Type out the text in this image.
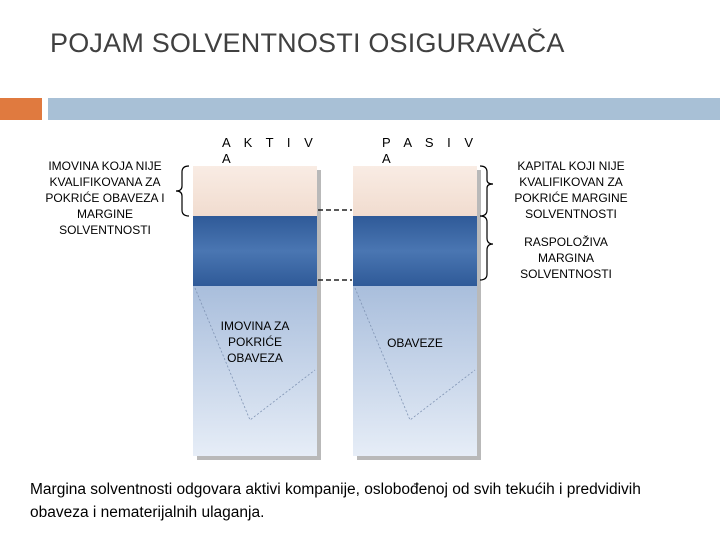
POJAM SOLVENTNOSTI OSIGURAVAČA
A K T I V
A
P A S I V
A
IMOVINA KOJA NIJE KVALIFIKOVANA ZA POKRIĆE OBAVEZA I MARGINE SOLVENTNOSTI
KAPITAL KOJI NIJE KVALIFIKOVAN ZA POKRIĆE MARGINE SOLVENTNOSTI
RASPOLOŽIVA MARGINA SOLVENTNOSTI
IMOVINA ZA POKRIĆE OBAVEZA
OBAVEZE
Margina solventnosti odgovara aktivi kompanije, oslobođenoj od svih tekućih i predvidivih obaveza i nematerijalnih ulaganja.
